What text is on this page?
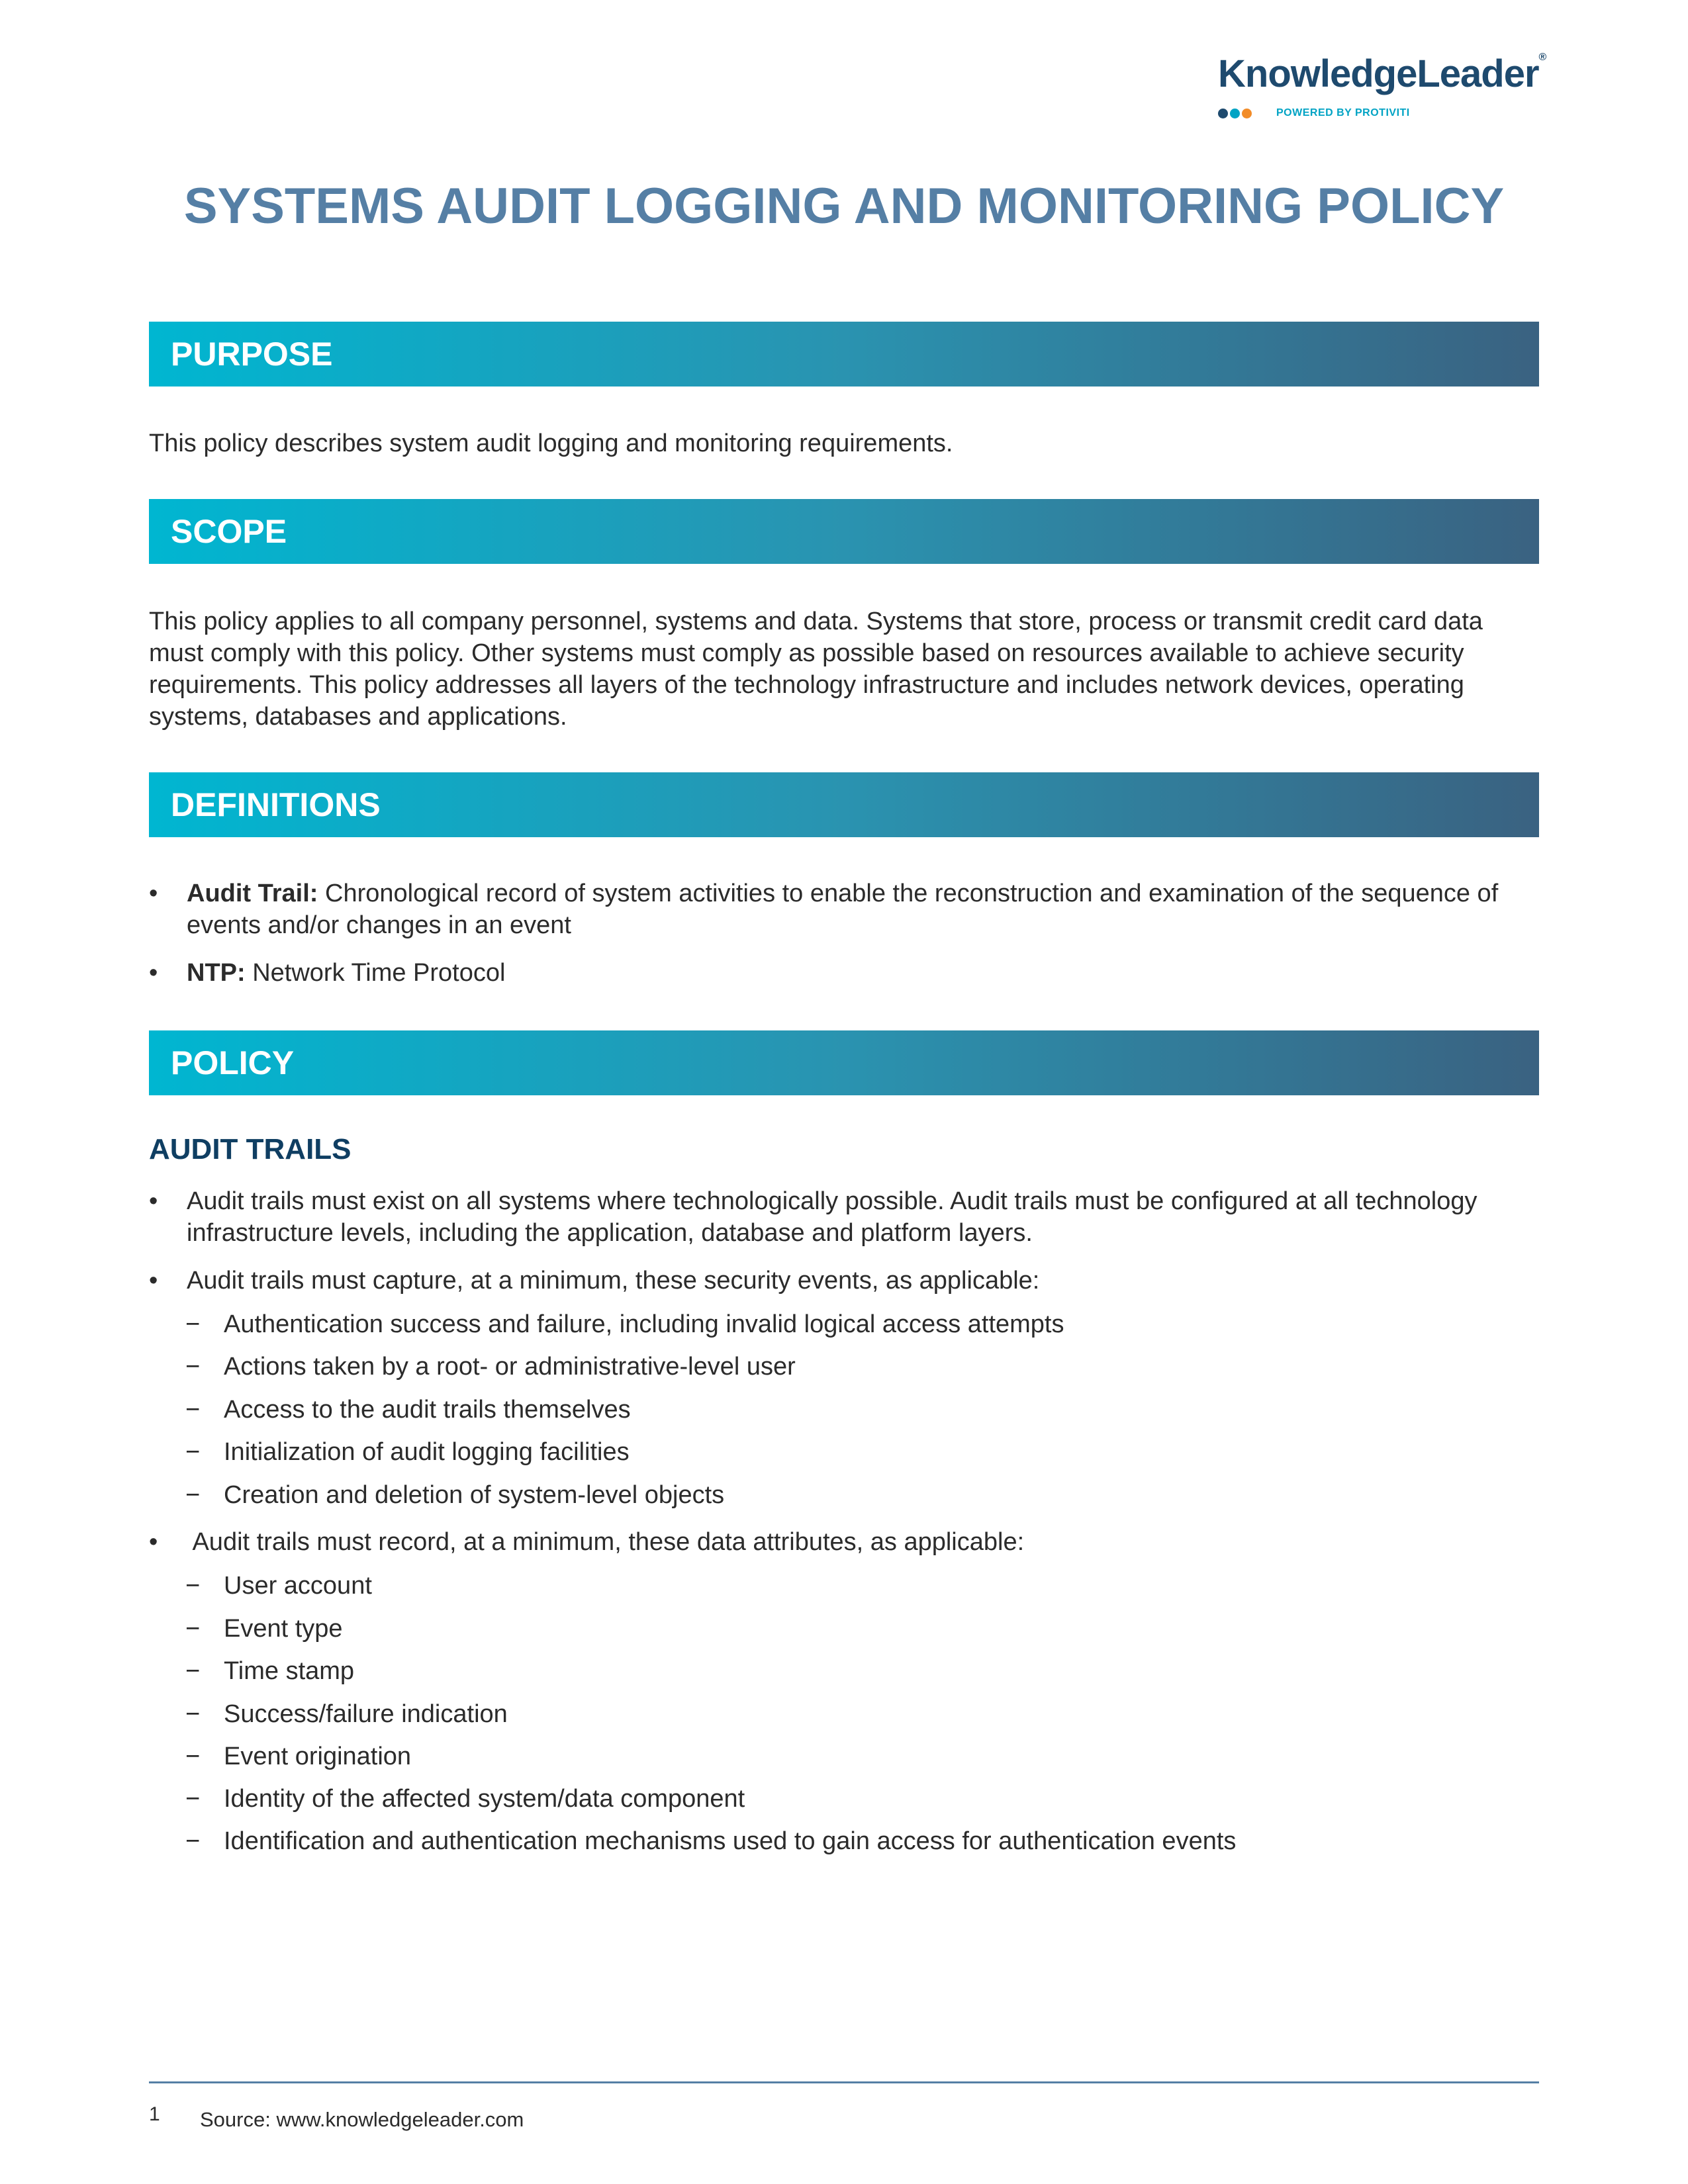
KnowledgeLeader®
POWERED BY PROTIVITI
SYSTEMS AUDIT LOGGING AND MONITORING POLICY
PURPOSE

This policy describes system audit logging and monitoring requirements.

SCOPE

This policy applies to all company personnel, systems and data. Systems that store, process or transmit credit card data must comply with this policy. Other systems must comply as possible based on resources available to achieve security requirements. This policy addresses all layers of the technology infrastructure and includes network devices, operating systems, databases and applications.

DEFINITIONS
• Audit Trail: Chronological record of system activities to enable the reconstruction and examination of the sequence of events and/or changes in an event
• NTP: Network Time Protocol
POLICY
AUDIT TRAILS
• Audit trails must exist on all systems where technologically possible. Audit trails must be configured at all technology infrastructure levels, including the application, database and platform layers.
• Audit trails must capture, at a minimum, these security events, as applicable:
− Authentication success and failure, including invalid logical access attempts
− Actions taken by a root- or administrative-level user
− Access to the audit trails themselves
− Initialization of audit logging facilities
− Creation and deletion of system-level objects
• Audit trails must record, at a minimum, these data attributes, as applicable:
− User account
− Event type
− Time stamp
− Success/failure indication
− Event origination
− Identity of the affected system/data component
− Identification and authentication mechanisms used to gain access for authentication events
1 Source: www.knowledgeleader.com
